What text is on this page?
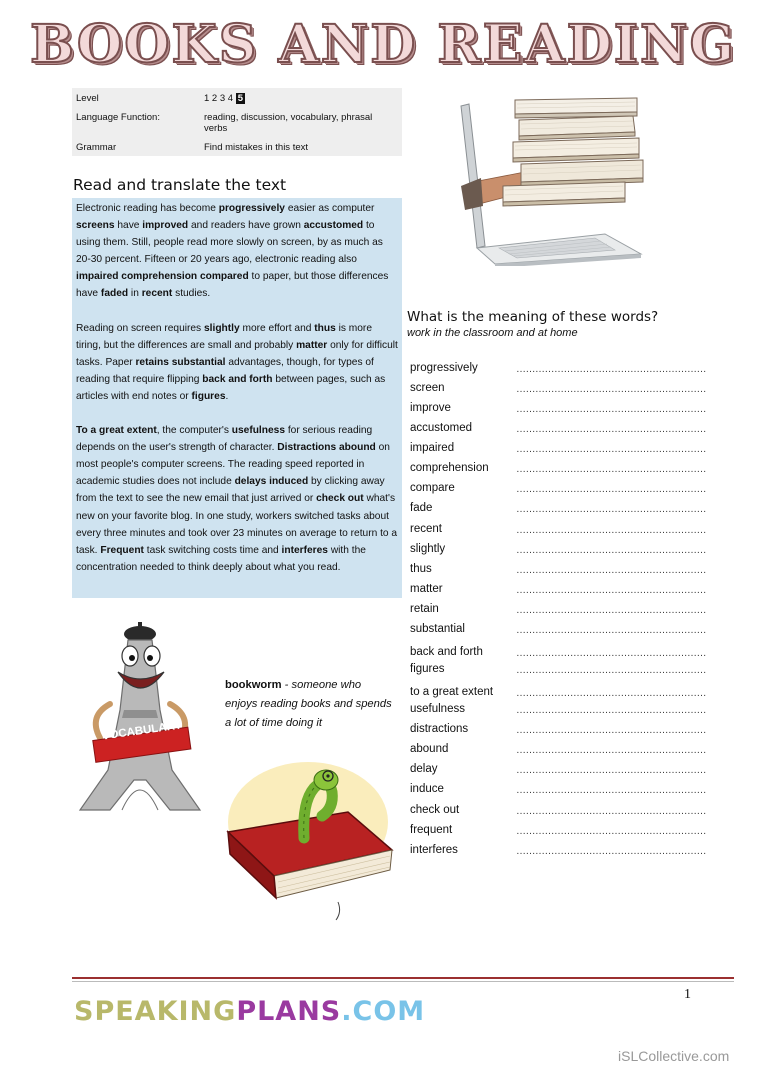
BOOKS AND READING
Level	1 2 3 4 5
Language Function:	reading, discussion, vocabulary, phrasal verbs
Grammar	Find mistakes in this text
Read and translate the text

Electronic reading has become progressively easier as computer screens have improved and readers have grown accustomed to using them. Still, people read more slowly on screen, by as much as 20-30 percent. Fifteen or 20 years ago, electronic reading also impaired comprehension compared to paper, but those differences have faded in recent studies.

Reading on screen requires slightly more effort and thus is more tiring, but the differences are small and probably matter only for difficult tasks. Paper retains substantial advantages, though, for types of reading that require flipping back and forth between pages, such as articles with end notes or figures.

To a great extent, the computer's usefulness for serious reading depends on the user's strength of character. Distractions abound on most people's computer screens. The reading speed reported in academic studies does not include delays induced by clicking away from the text to see the new email that just arrived or check out what's new on your favorite blog. In one study, workers switched tasks about every three minutes and took over 23 minutes on average to return to a task. Frequent task switching costs time and interferes with the concentration needed to think deeply about what you read.

What is the meaning of these words?
work in the classroom and at home
progressively	……………………………………………………
screen	……………………………………………………
improve	……………………………………………………
accustomed	……………………………………………………
impaired	……………………………………………………
comprehension	……………………………………………………
compare	……………………………………………………
fade	……………………………………………………
recent	……………………………………………………
slightly	……………………………………………………
thus	……………………………………………………
matter	……………………………………………………
retain	……………………………………………………
substantial	……………………………………………………
back and forth	……………………………………………………
figures	……………………………………………………
to a great extent ……………………………………………………
usefulness	……………………………………………………
distractions	……………………………………………………
abound	……………………………………………………
delay	……………………………………………………
induce	……………………………………………………
check out	……………………………………………………
frequent	……………………………………………………
interferes	……………………………………………………
VOCABULARY
bookworm - someone who enjoys reading books and spends a lot of time doing it
1
SPEAKINGPLANS.COM
iSLCollective.com
